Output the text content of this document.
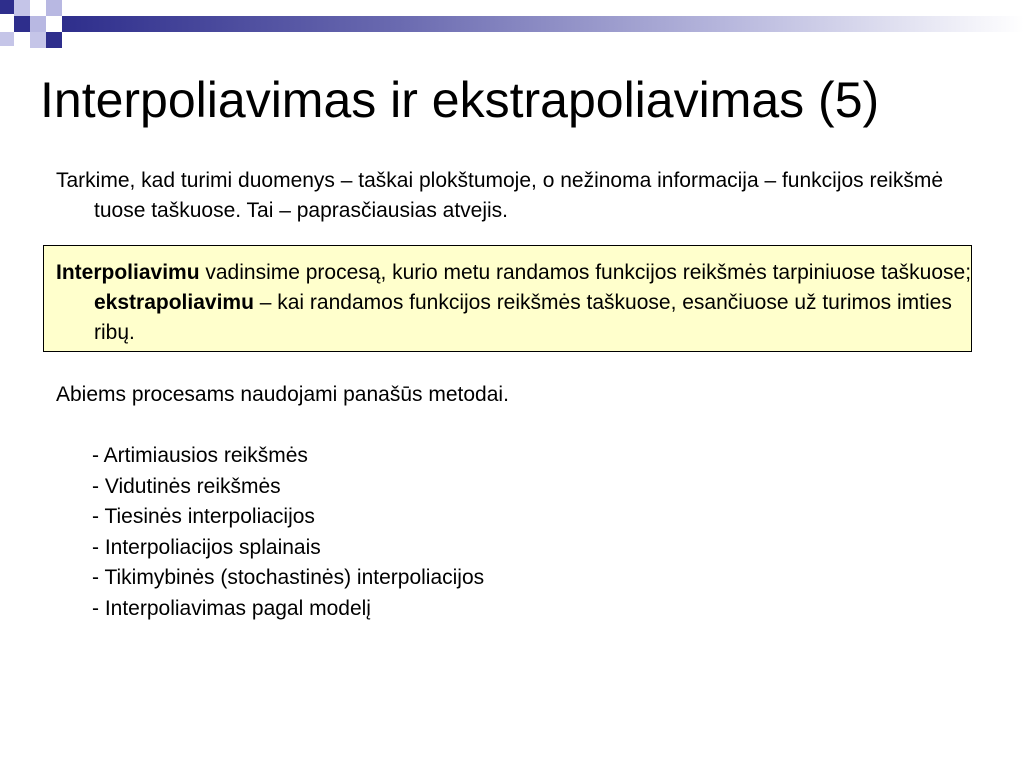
Interpoliavimas ir ekstrapoliavimas (5)

Tarkime, kad turimi duomenys – taškai plokštumoje, o nežinoma informacija – funkcijos reikšmė tuose taškuose. Tai – paprasčiausias atvejis.

Interpoliavimu vadinsime procesą, kurio metu randamos funkcijos reikšmės tarpiniuose taškuose; ekstrapoliavimu – kai randamos funkcijos reikšmės taškuose, esančiuose už turimos imties ribų.

Abiems procesams naudojami panašūs metodai.

- Artimiausios reikšmės
- Vidutinės reikšmės
- Tiesinės interpoliacijos
- Interpoliacijos splainais
- Tikimybinės (stochastinės) interpoliacijos
- Interpoliavimas pagal modelį
